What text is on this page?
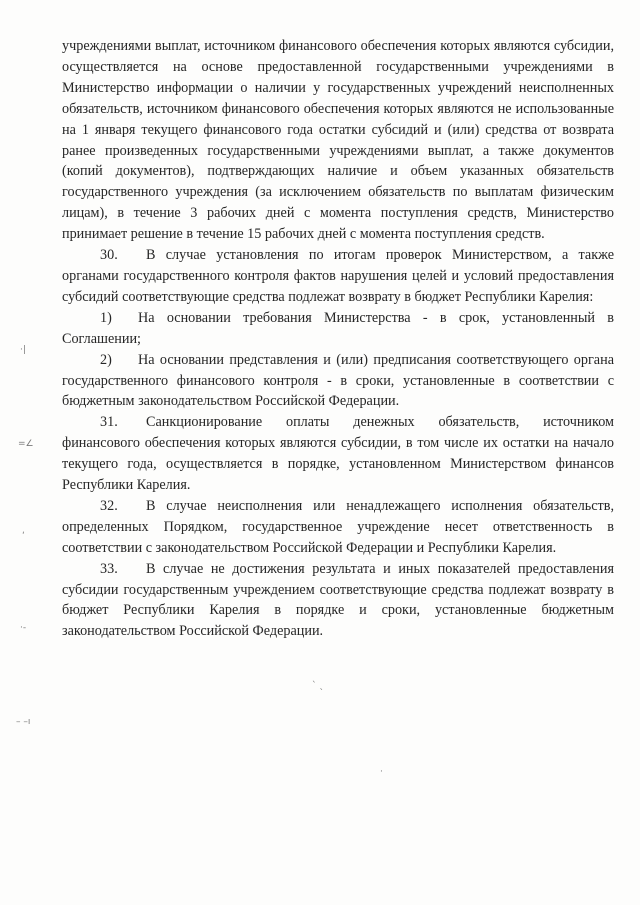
·|
=∠
‘
·‑
– –ı
` ˎ
·

учреждениями выплат, источником финансового обеспечения которых являются субсидии, осуществляется на основе предоставленной государственными учреждениями в Министерство информации о наличии у государственных учреждений неисполненных обязательств, источником финансового обеспечения которых являются не использованные на 1 января текущего финансового года остатки субсидий и (или) средства от возврата ранее произведенных государственными учреждениями выплат, а также документов (копий документов), подтверждающих наличие и объем указанных обязательств государственного учреждения (за исключением обязательств по выплатам физическим лицам), в течение 3 рабочих дней с момента поступления средств, Министерство принимает решение в течение 15 рабочих дней с момента поступления средств.

30. В случае установления по итогам проверок Министерством, а также органами государственного контроля фактов нарушения целей и условий предоставления субсидий соответствующие средства подлежат возврату в бюджет Республики Карелия:

1) На основании требования Министерства - в срок, установленный в Соглашении;

2) На основании представления и (или) предписания соответствующего органа государственного финансового контроля - в сроки, установленные в соответствии с бюджетным законодательством Российской Федерации.

31. Санкционирование оплаты денежных обязательств, источником финансового обеспечения которых являются субсидии, в том числе их остатки на начало текущего года, осуществляется в порядке, установленном Министерством финансов Республики Карелия.

32. В случае неисполнения или ненадлежащего исполнения обязательств, определенных Порядком, государственное учреждение несет ответственность в соответствии с законодательством Российской Федерации и Республики Карелия.

33. В случае не достижения результата и иных показателей предоставления субсидии государственным учреждением соответствующие средства подлежат возврату в бюджет Республики Карелия в порядке и сроки, установленные бюджетным законодательством Российской Федерации.
